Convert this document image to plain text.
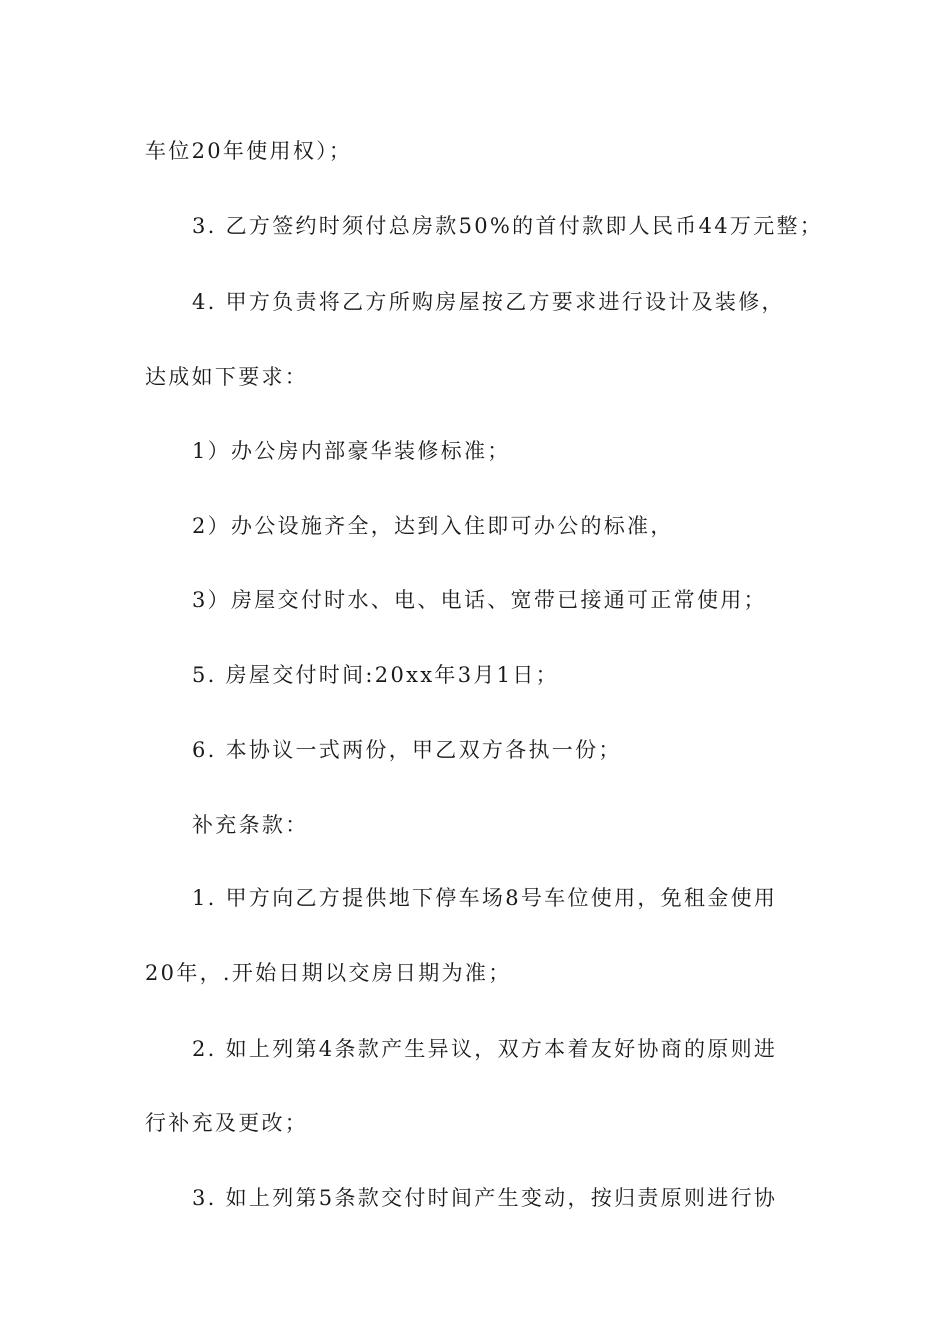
车位20年使用权）；
3. 乙方签约时须付总房款50%的首付款即人民币44万元整；
4. 甲方负责将乙方所购房屋按乙方要求进行设计及装修，
达成如下要求：
1）办公房内部豪华装修标准；
2）办公设施齐全，达到入住即可办公的标准，
3）房屋交付时水、电、电话、宽带已接通可正常使用；
5. 房屋交付时间:20xx年3月1日；
6. 本协议一式两份，甲乙双方各执一份；
补充条款：
1. 甲方向乙方提供地下停车场8号车位使用，免租金使用
20年，.开始日期以交房日期为准；
2. 如上列第4条款产生异议，双方本着友好协商的原则进
行补充及更改；
3. 如上列第5条款交付时间产生变动，按归责原则进行协
